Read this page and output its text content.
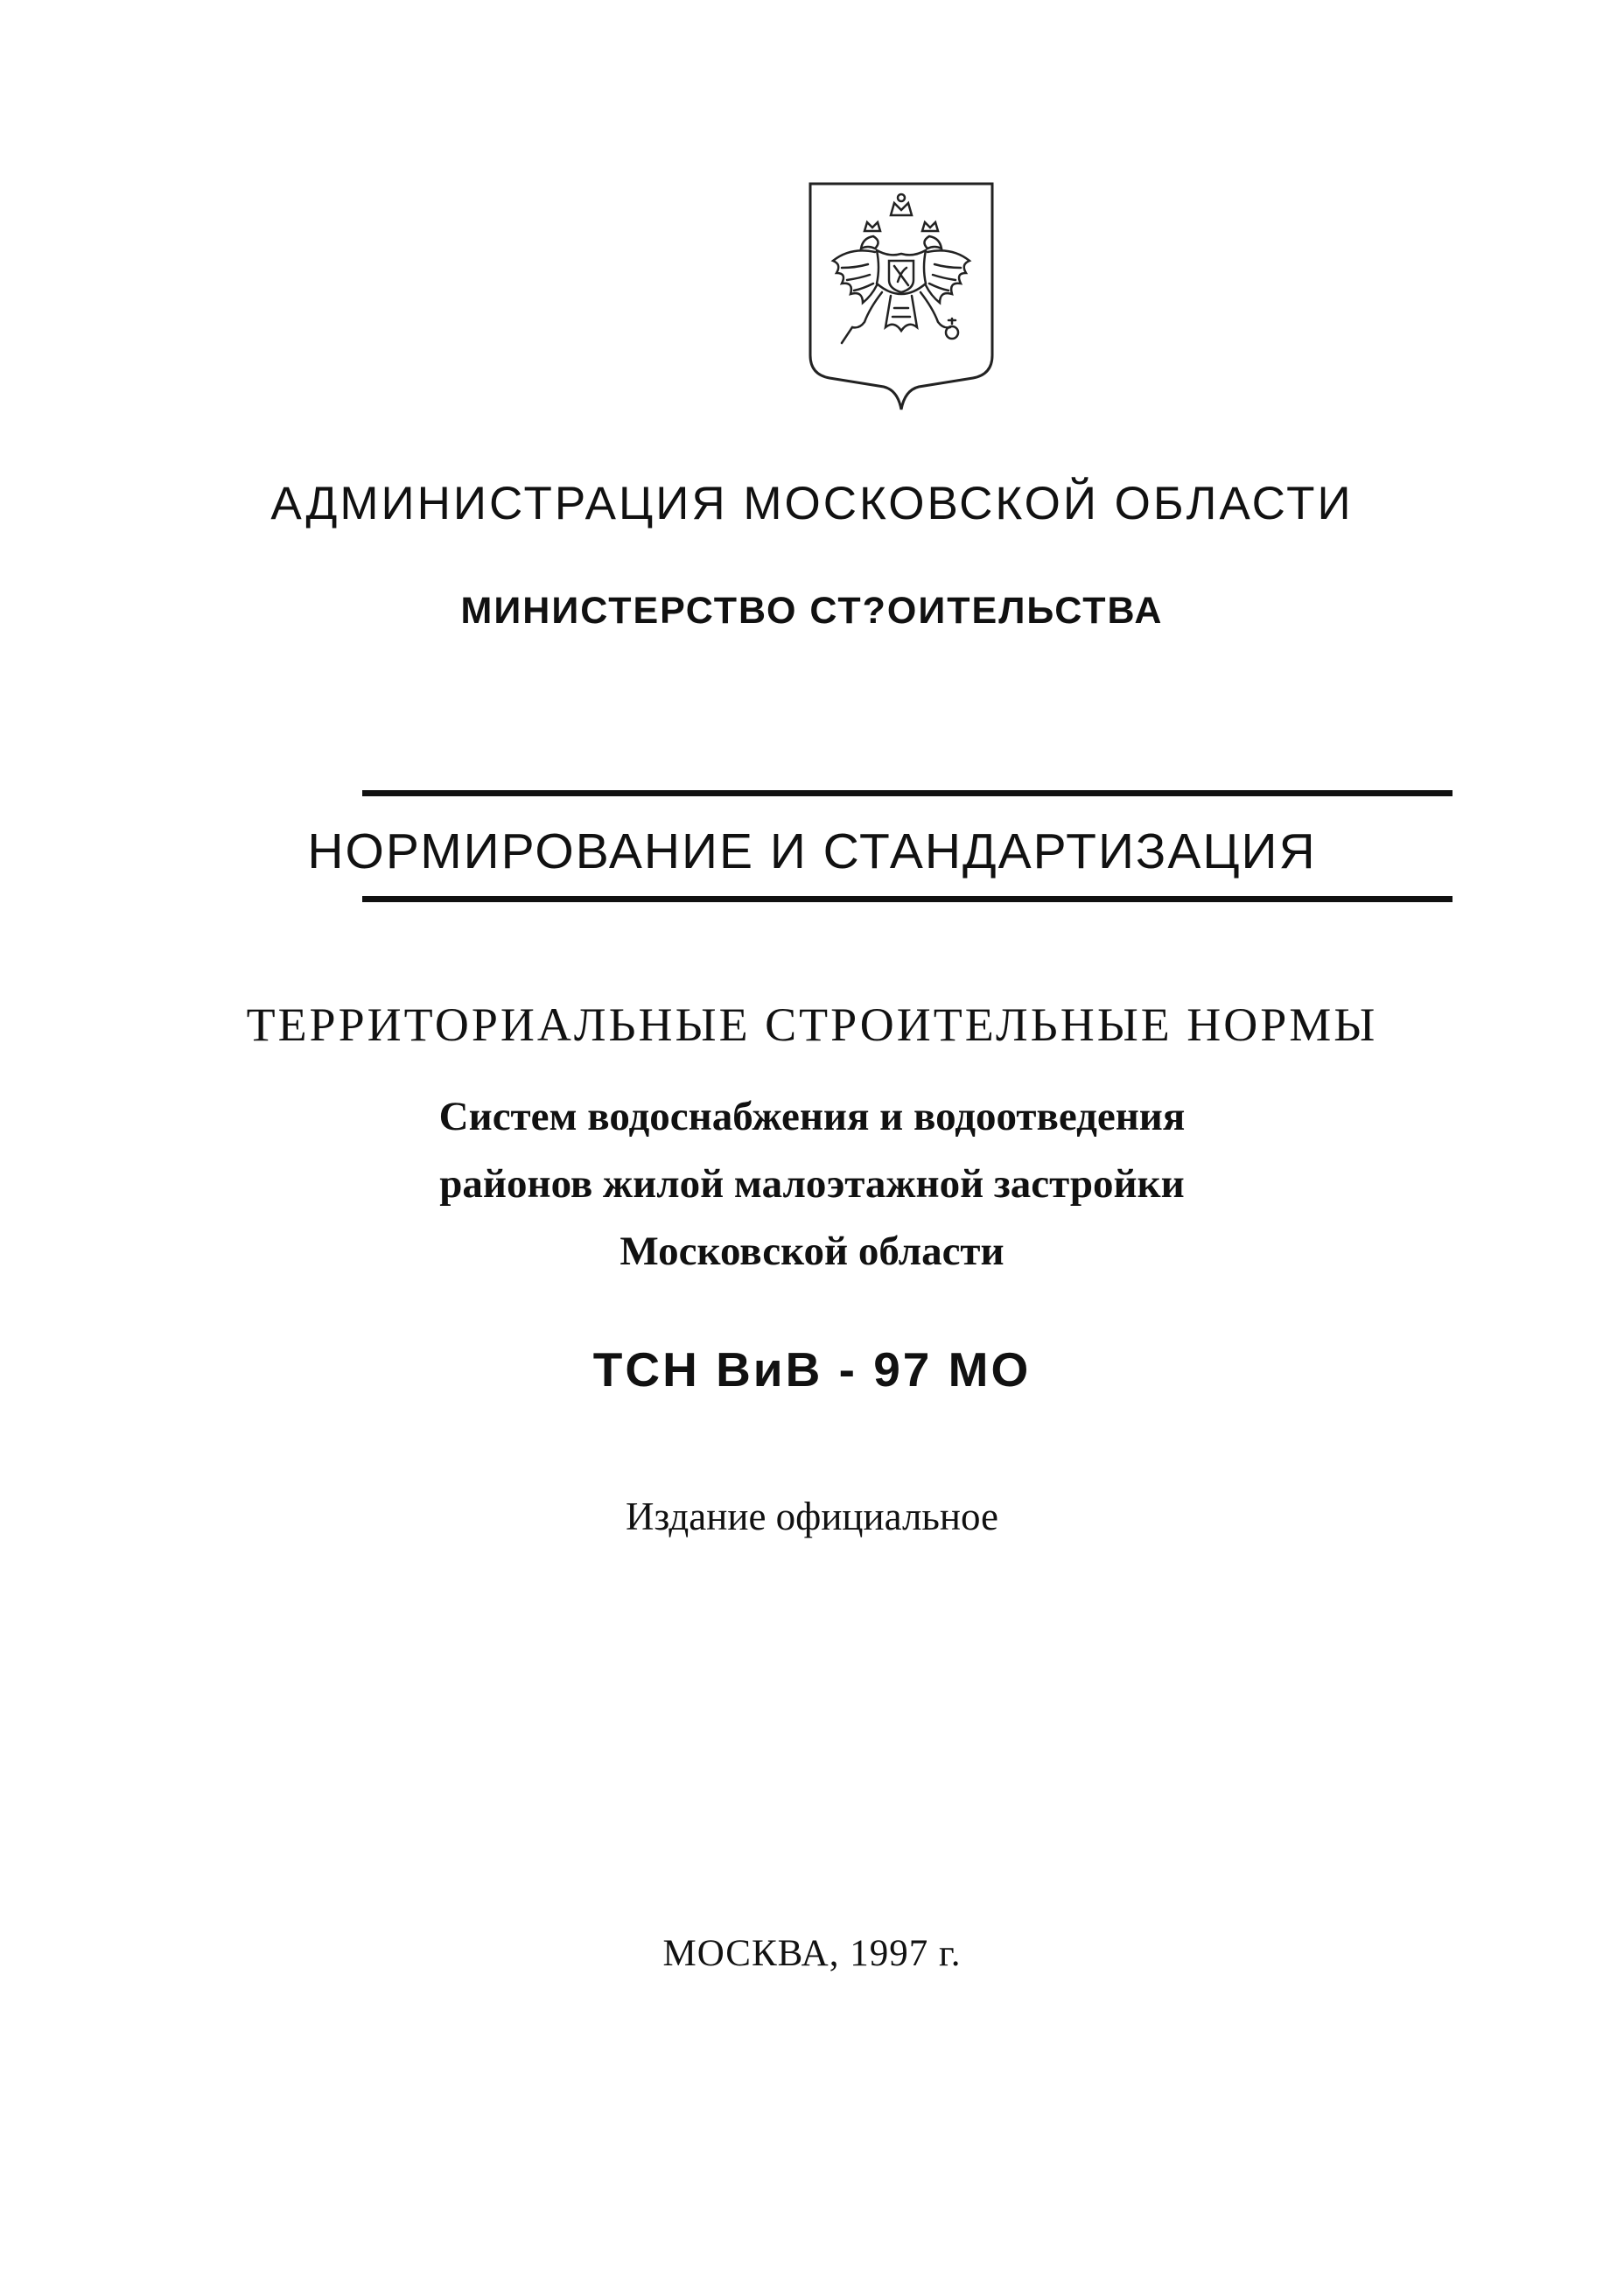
АДМИНИСТРАЦИЯ МОСКОВСКОЙ ОБЛАСТИ
МИНИСТЕРСТВО СТ?ОИТЕЛЬСТВА
НОРМИРОВАНИЕ И СТАНДАРТИЗАЦИЯ
ТЕРРИТОРИАЛЬНЫЕ СТРОИТЕЛЬНЫЕ НОРМЫ
Систем водоснабжения и водоотведения
районов жилой малоэтажной застройки
Московской области
ТСН ВиВ - 97 МО
Издание официальное
МОСКВА, 1997 г.
